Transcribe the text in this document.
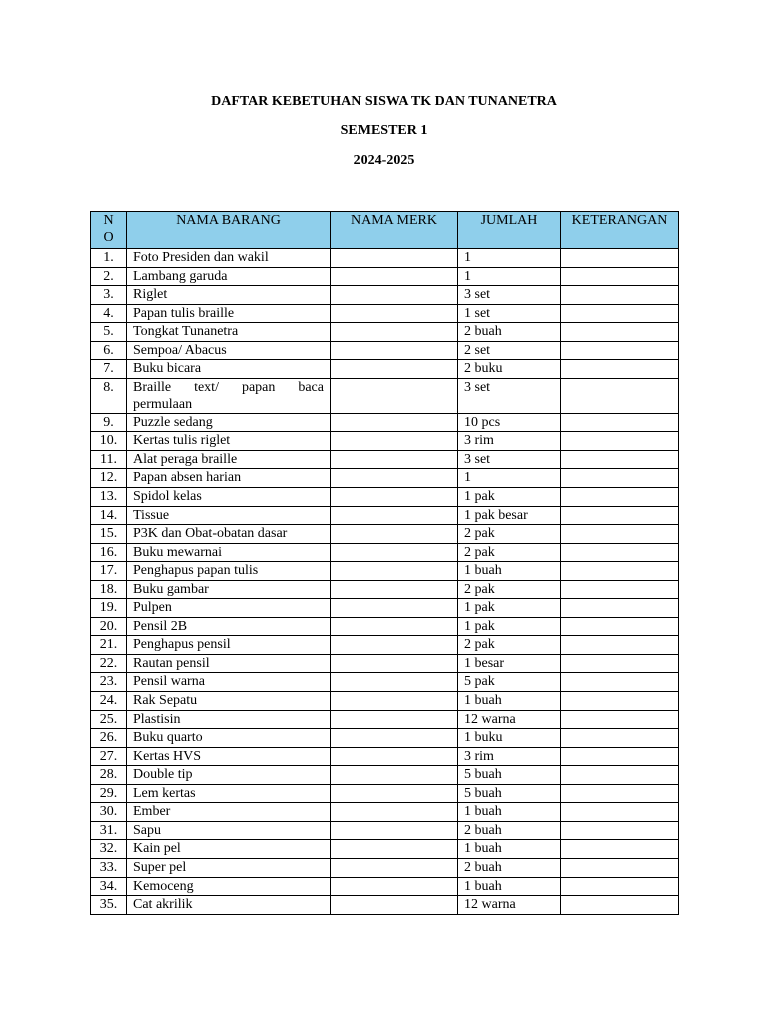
DAFTAR KEBETUHAN SISWA TK DAN TUNANETRA
SEMESTER 1
2024-2025
NO	NAMA BARANG	NAMA MERK	JUMLAH	KETERANGAN
1.	Foto Presiden dan wakil		1	
2.	Lambang garuda		1	
3.	Riglet		3 set	
4.	Papan tulis braille		1 set	
5.	Tongkat Tunanetra		2 buah	
6.	Sempoa/ Abacus		2 set	
7.	Buku bicara		2 buku	
8.	Braille text/ papan baca permulaan		3 set	
9.	Puzzle sedang		10 pcs	
10.	Kertas tulis riglet		3 rim	
11.	Alat peraga braille		3 set	
12.	Papan absen harian		1	
13.	Spidol kelas		1 pak	
14.	Tissue		1 pak besar	
15.	P3K dan Obat-obatan dasar		2 pak	
16.	Buku mewarnai		2 pak	
17.	Penghapus papan tulis		1 buah	
18.	Buku gambar		2 pak	
19.	Pulpen		1 pak	
20.	Pensil 2B		1 pak	
21.	Penghapus pensil		2 pak	
22.	Rautan pensil		1 besar	
23.	Pensil warna		5 pak	
24.	Rak Sepatu		1 buah	
25.	Plastisin		12 warna	
26.	Buku quarto		1 buku	
27.	Kertas HVS		3 rim	
28.	Double tip		5 buah	
29.	Lem kertas		5 buah	
30.	Ember		1 buah	
31.	Sapu		2 buah	
32.	Kain pel		1 buah	
33.	Super pel		2 buah	
34.	Kemoceng		1 buah	
35.	Cat akrilik		12 warna	
